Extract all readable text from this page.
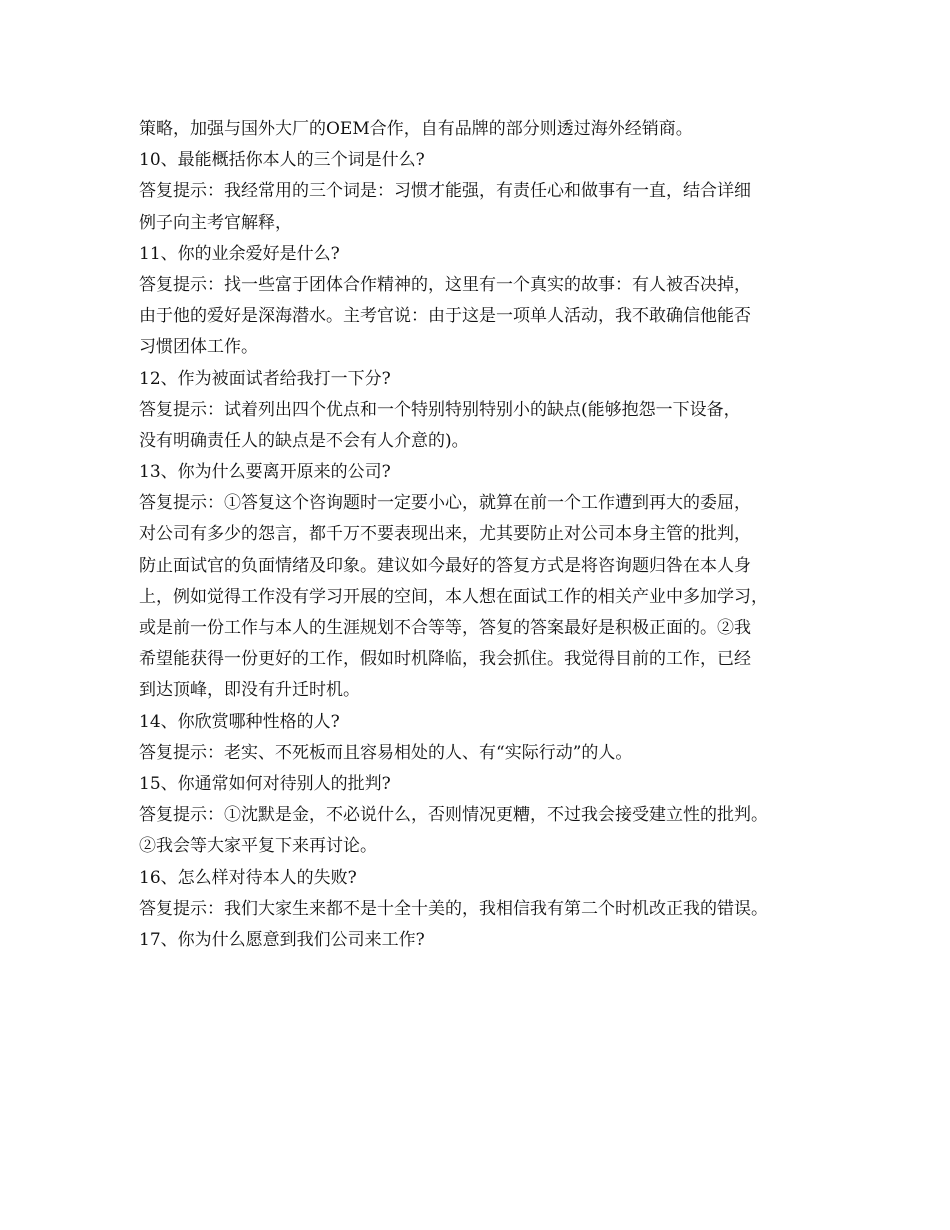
策略，加强与国外大厂的OEM合作，自有品牌的部分则透过海外经销商。
10、最能概括你本人的三个词是什么?
答复提示：我经常用的三个词是：习惯才能强，有责任心和做事有一直，结合详细
例子向主考官解释，
11、你的业余爱好是什么?
答复提示：找一些富于团体合作精神的，这里有一个真实的故事：有人被否决掉，
由于他的爱好是深海潜水。主考官说：由于这是一项单人活动，我不敢确信他能否
习惯团体工作。
12、作为被面试者给我打一下分?
答复提示：试着列出四个优点和一个特别特别特别小的缺点(能够抱怨一下设备，
没有明确责任人的缺点是不会有人介意的)。
13、你为什么要离开原来的公司?
答复提示：①答复这个咨询题时一定要小心，就算在前一个工作遭到再大的委屈，
对公司有多少的怨言，都千万不要表现出来，尤其要防止对公司本身主管的批判，
防止面试官的负面情绪及印象。建议如今最好的答复方式是将咨询题归咎在本人身
上，例如觉得工作没有学习开展的空间，本人想在面试工作的相关产业中多加学习，
或是前一份工作与本人的生涯规划不合等等，答复的答案最好是积极正面的。②我
希望能获得一份更好的工作，假如时机降临，我会抓住。我觉得目前的工作，已经
到达顶峰，即没有升迁时机。
14、你欣赏哪种性格的人?
答复提示：老实、不死板而且容易相处的人、有“实际行动”的人。
15、你通常如何对待别人的批判?
答复提示：①沈默是金，不必说什么，否则情况更糟，不过我会接受建立性的批判。
②我会等大家平复下来再讨论。
16、怎么样对待本人的失败?
答复提示：我们大家生来都不是十全十美的，我相信我有第二个时机改正我的错误。
17、你为什么愿意到我们公司来工作?
